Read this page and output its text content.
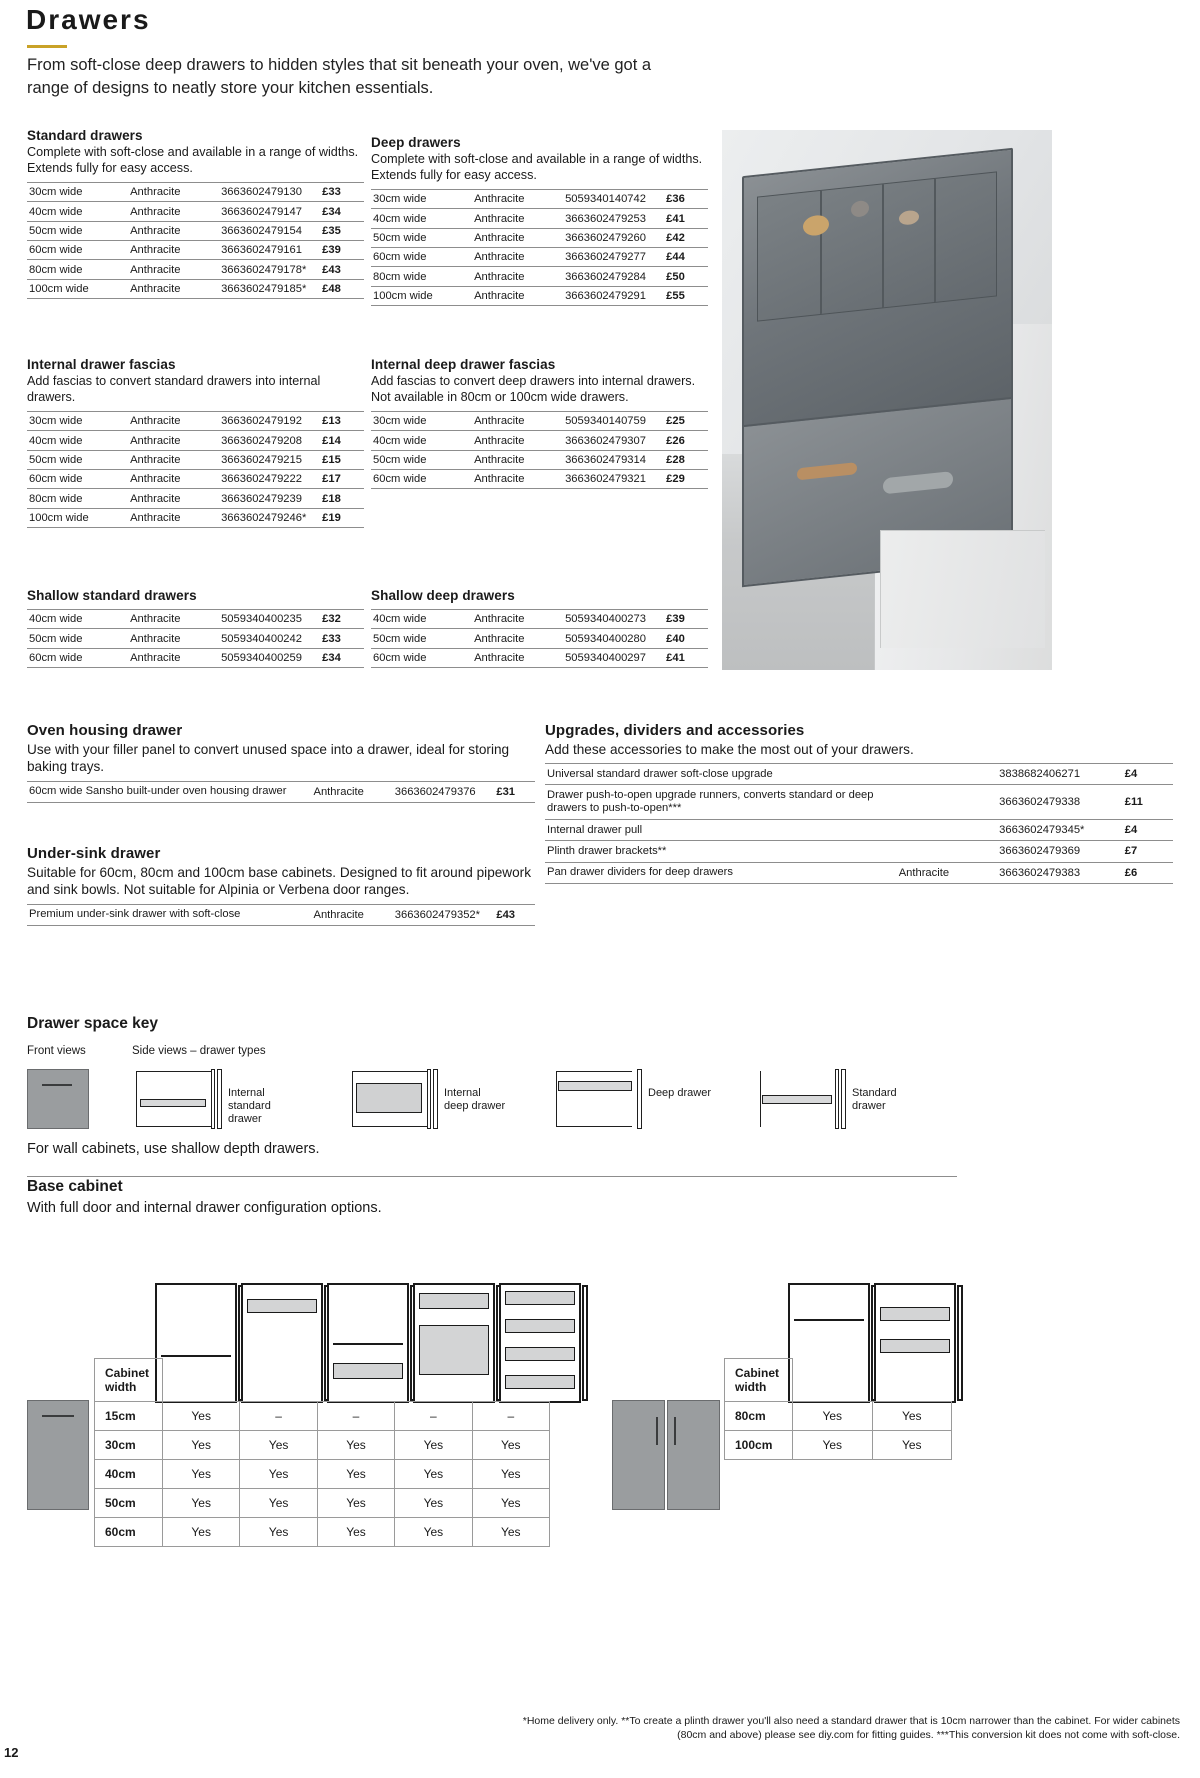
Drawers
From soft-close deep drawers to hidden styles that sit beneath your oven, we've got a range of designs to neatly store your kitchen essentials.
Standard drawers
Complete with soft-close and available in a range of widths. Extends fully for easy access.
30cm wide	Anthracite	3663602479130	£33
40cm wide	Anthracite	3663602479147	£34
50cm wide	Anthracite	3663602479154	£35
60cm wide	Anthracite	3663602479161	£39
80cm wide	Anthracite	3663602479178*	£43
100cm wide	Anthracite	3663602479185*	£48
Deep drawers
Complete with soft-close and available in a range of widths. Extends fully for easy access.
30cm wide	Anthracite	5059340140742	£36
40cm wide	Anthracite	3663602479253	£41
50cm wide	Anthracite	3663602479260	£42
60cm wide	Anthracite	3663602479277	£44
80cm wide	Anthracite	3663602479284	£50
100cm wide	Anthracite	3663602479291	£55
Internal drawer fascias
Add fascias to convert standard drawers into internal drawers.
30cm wide	Anthracite	3663602479192	£13
40cm wide	Anthracite	3663602479208	£14
50cm wide	Anthracite	3663602479215	£15
60cm wide	Anthracite	3663602479222	£17
80cm wide	Anthracite	3663602479239	£18
100cm wide	Anthracite	3663602479246*	£19
Internal deep drawer fascias
Add fascias to convert deep drawers into internal drawers. Not available in 80cm or 100cm wide drawers.
30cm wide	Anthracite	5059340140759	£25
40cm wide	Anthracite	3663602479307	£26
50cm wide	Anthracite	3663602479314	£28
60cm wide	Anthracite	3663602479321	£29
Shallow standard drawers
40cm wide	Anthracite	5059340400235	£32
50cm wide	Anthracite	5059340400242	£33
60cm wide	Anthracite	5059340400259	£34
Shallow deep drawers
40cm wide	Anthracite	5059340400273	£39
50cm wide	Anthracite	5059340400280	£40
60cm wide	Anthracite	5059340400297	£41
Oven housing drawer
Use with your filler panel to convert unused space into a drawer, ideal for storing baking trays.
60cm wide Sansho built-under oven housing drawer	Anthracite	3663602479376	£31
Under-sink drawer
Suitable for 60cm, 80cm and 100cm base cabinets. Designed to fit around pipework and sink bowls. Not suitable for Alpinia or Verbena door ranges.
Premium under-sink drawer with soft-close	Anthracite	3663602479352*	£43
Upgrades, dividers and accessories
Add these accessories to make the most out of your drawers.
Universal standard drawer soft-close upgrade		3838682406271	£4
Drawer push-to-open upgrade runners, converts standard or deep drawers to push-to-open***		3663602479338	£11
Internal drawer pull		3663602479345*	£4
Plinth drawer brackets**		3663602479369	£7
Pan drawer dividers for deep drawers	Anthracite	3663602479383	£6
Drawer space key
Front views	Side views – drawer types
Internal standard drawer
Internal deep drawer
Deep drawer	Standard drawer
For wall cabinets, use shallow depth drawers.
Base cabinet
With full door and internal drawer configuration options.
Cabinet width					
15cm	Yes	–	–	–	–
30cm	Yes	Yes	Yes	Yes	Yes
40cm	Yes	Yes	Yes	Yes	Yes
50cm	Yes	Yes	Yes	Yes	Yes
60cm	Yes	Yes	Yes	Yes	Yes
Cabinet width		
80cm	Yes	Yes
100cm	Yes	Yes
*Home delivery only. **To create a plinth drawer you'll also need a standard drawer that is 10cm narrower than the cabinet. For wider cabinets (80cm and above) please see diy.com for fitting guides. ***This conversion kit does not come with soft-close.
12
